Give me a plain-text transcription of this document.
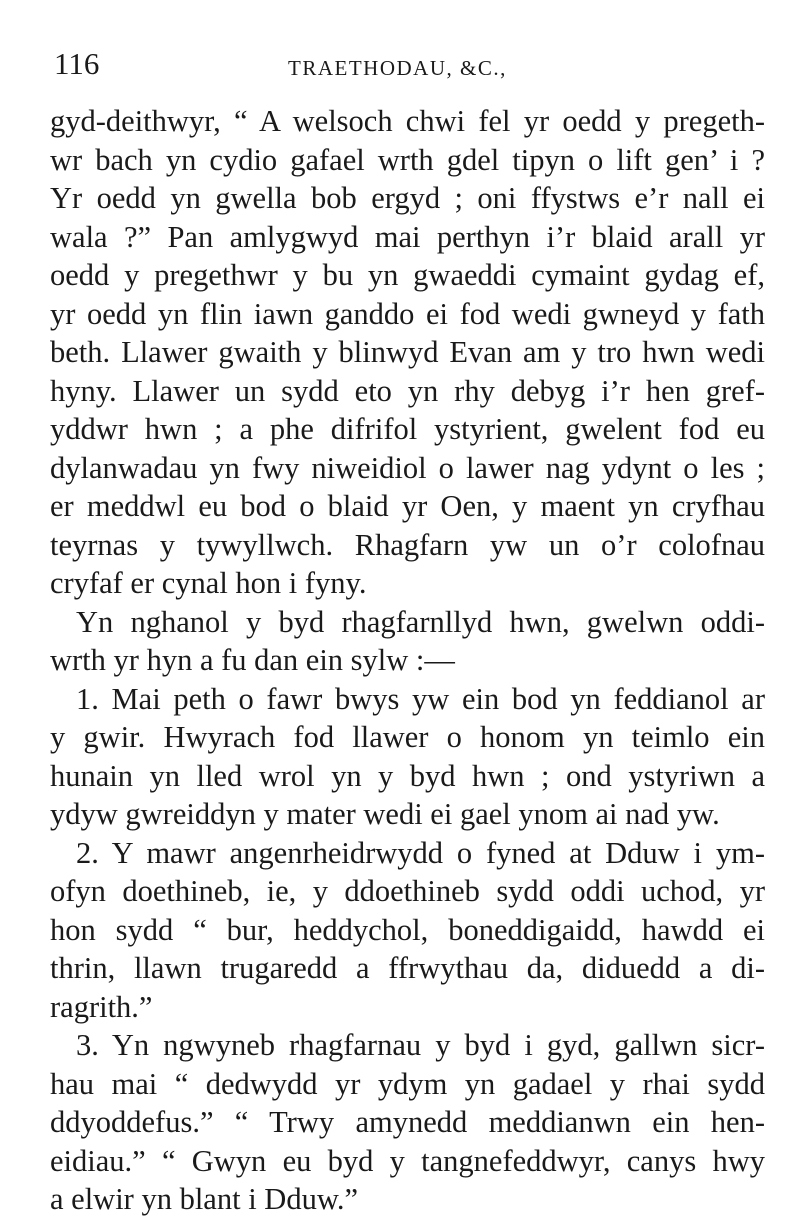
116	TRAETHODAU, &C.,
gyd-deithwyr, “ A welsoch chwi fel yr oedd y pregeth-
wr bach yn cydio gafael wrth gdel tipyn o lift gen’ i ?
Yr oedd yn gwella bob ergyd ; oni ffystws e’r nall ei
wala ?” Pan amlygwyd mai perthyn i’r blaid arall yr
oedd y pregethwr y bu yn gwaeddi cymaint gydag ef,
yr oedd yn flin iawn ganddo ei fod wedi gwneyd y fath
beth. Llawer gwaith y blinwyd Evan am y tro hwn wedi
hyny. Llawer un sydd eto yn rhy debyg i’r hen gref-
yddwr hwn ; a phe difrifol ystyrient, gwelent fod eu
dylanwadau yn fwy niweidiol o lawer nag ydynt o les ;
er meddwl eu bod o blaid yr Oen, y maent yn cryfhau
teyrnas y tywyllwch. Rhagfarn yw un o’r colofnau
cryfaf er cynal hon i fyny.
Yn nghanol y byd rhagfarnllyd hwn, gwelwn oddi-
wrth yr hyn a fu dan ein sylw :—
1. Mai peth o fawr bwys yw ein bod yn feddianol ar
y gwir. Hwyrach fod llawer o honom yn teimlo ein
hunain yn lled wrol yn y byd hwn ; ond ystyriwn a
ydyw gwreiddyn y mater wedi ei gael ynom ai nad yw.
2. Y mawr angenrheidrwydd o fyned at Dduw i ym-
ofyn doethineb, ie, y ddoethineb sydd oddi uchod, yr
hon sydd “ bur, heddychol, boneddigaidd, hawdd ei
thrin, llawn trugaredd a ffrwythau da, diduedd a di-
ragrith.”
3. Yn ngwyneb rhagfarnau y byd i gyd, gallwn sicr-
hau mai “ dedwydd yr ydym yn gadael y rhai sydd
ddyoddefus.” “ Trwy amynedd meddianwn ein hen-
eidiau.” “ Gwyn eu byd y tangnefeddwyr, canys hwy
a elwir yn blant i Dduw.”
